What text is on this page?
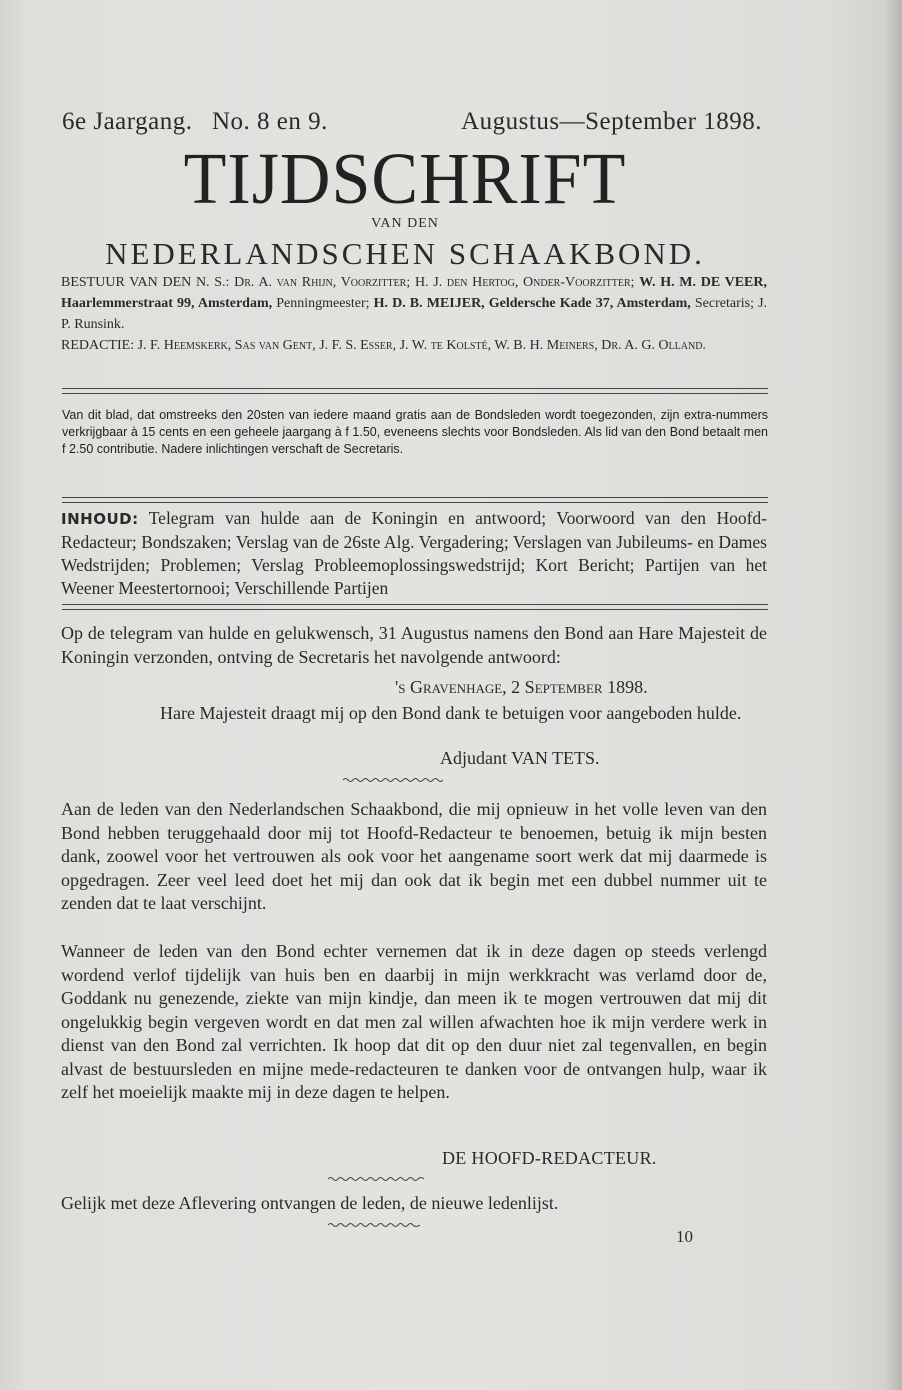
6e Jaargang. No. 8 en 9.	Augustus—September 1898.
TIJDSCHRIFT
VAN DEN
NEDERLANDSCHEN SCHAAKBOND.
BESTUUR VAN DEN N. S.: Dr. A. van Rhijn, Voorzitter; H. J. den Hertog, Onder-Voorzitter; W. H. M. DE VEER, Haarlemmerstraat 99, Amsterdam, Penningmeester; H. D. B. MEIJER, Geldersche Kade 37, Amsterdam, Secretaris; J. P. Runsink.
REDACTIE: J. F. Heemskerk, Sas van Gent, J. F. S. Esser, J. W. te Kolsté, W. B. H. Meiners, Dr. A. G. Olland.
Van dit blad, dat omstreeks den 20sten van iedere maand gratis aan de Bondsleden wordt toegezonden, zijn extra-nummers verkrijgbaar à 15 cents en een geheele jaargang à f 1.50, eveneens slechts voor Bondsleden. Als lid van den Bond betaalt men f 2.50 contributie. Nadere inlichtingen verschaft de Secretaris.
INHOUD: Telegram van hulde aan de Koningin en antwoord; Voorwoord van den Hoofd-Redacteur; Bondszaken; Verslag van de 26ste Alg. Vergadering; Verslagen van Jubileums- en Dames Wedstrijden; Problemen; Verslag Probleemoplossingswedstrijd; Kort Bericht; Partijen van het Weener Meestertornooi; Verschillende Partijen
Op de telegram van hulde en gelukwensch, 31 Augustus namens den Bond aan Hare Majesteit de Koningin verzonden, ontving de Secretaris het navolgende antwoord:
's Gravenhage, 2 September 1898.
Hare Majesteit draagt mij op den Bond dank te betuigen voor aangeboden hulde.
Adjudant VAN TETS.
Aan de leden van den Nederlandschen Schaakbond, die mij opnieuw in het volle leven van den Bond hebben teruggehaald door mij tot Hoofd-Redacteur te benoemen, betuig ik mijn besten dank, zoowel voor het vertrouwen als ook voor het aangename soort werk dat mij daarmede is opgedragen. Zeer veel leed doet het mij dan ook dat ik begin met een dubbel nummer uit te zenden dat te laat verschijnt.
Wanneer de leden van den Bond echter vernemen dat ik in deze dagen op steeds verlengd wordend verlof tijdelijk van huis ben en daarbij in mijn werkkracht was verlamd door de, Goddank nu genezende, ziekte van mijn kindje, dan meen ik te mogen vertrouwen dat mij dit ongelukkig begin vergeven wordt en dat men zal willen afwachten hoe ik mijn verdere werk in dienst van den Bond zal verrichten. Ik hoop dat dit op den duur niet zal tegenvallen, en begin alvast de bestuursleden en mijne mede-redacteuren te danken voor de ontvangen hulp, waar ik zelf het moeielijk maakte mij in deze dagen te helpen.
DE HOOFD-REDACTEUR.
Gelijk met deze Aflevering ontvangen de leden, de nieuwe ledenlijst.
10
